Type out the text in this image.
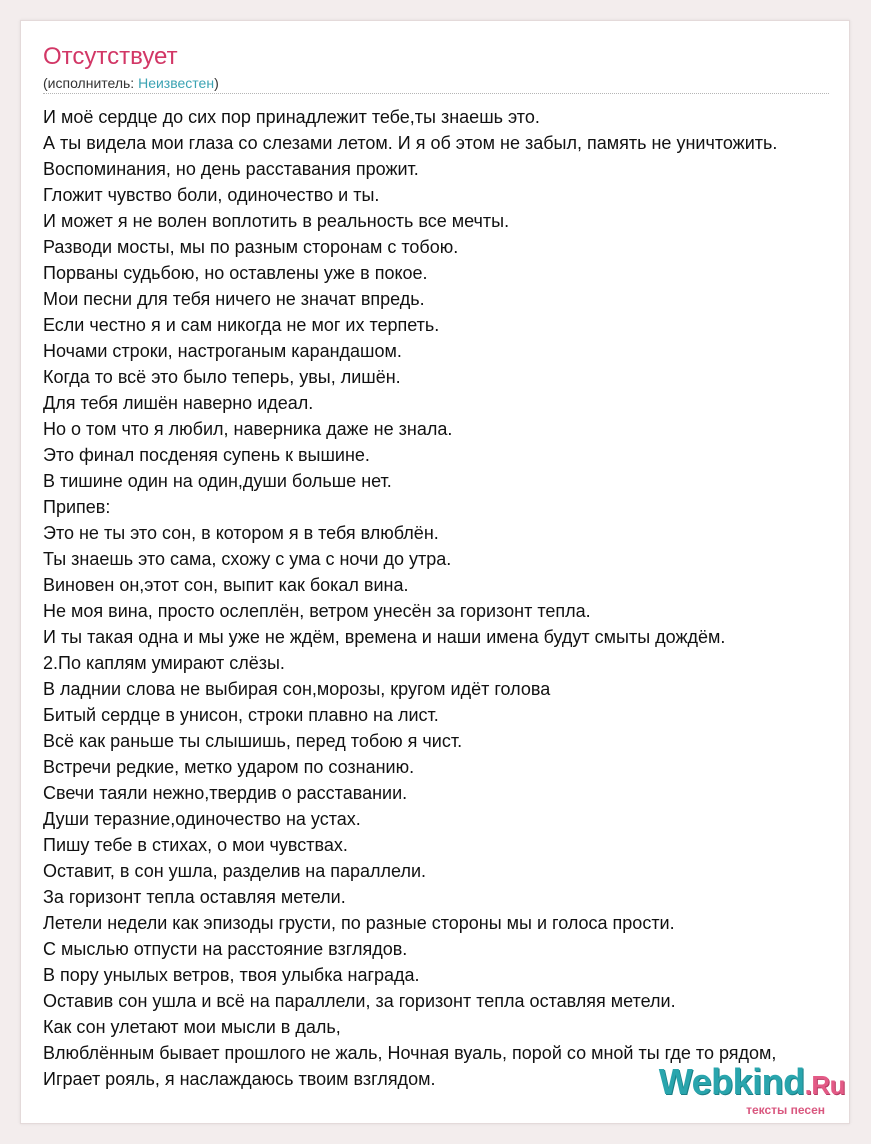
Отсутствует
(исполнитель: Неизвестен)
И моё сердце до сих пор принадлежит тебе,ты знаешь это.
А ты видела мои глаза со слезами летом. И я об этом не забыл, память не уничтожить.
Воспоминания, но день расставания прожит.
Гложит чувство боли, одиночество и ты.
И может я не волен воплотить в реальность все мечты.
Разводи мосты, мы по разным сторонам с тобою.
Порваны судьбою, но оставлены уже в покое.
Мои песни для тебя ничего не значат впредь.
Если честно я и сам никогда не мог их терпеть.
Ночами строки, настроганым карандашом.
Когда то всё это было теперь, увы, лишён.
Для тебя лишён наверно идеал.
Но о том что я любил, наверника даже не знала.
Это финал посденяя супень к вышине.
В тишине один на один,души больше нет.
Припев:
Это не ты это сон, в котором я в тебя влюблён.
Ты знаешь это сама, схожу с ума с ночи до утра.
Виновен он,этот сон, выпит как бокал вина.
Не моя вина, просто ослеплён, ветром унесён за горизонт тепла.
И ты такая одна и мы уже не ждём, времена и наши имена будут смыты дождём.
2.По каплям умирают слёзы.
В ладнии слова не выбирая сон,морозы, кругом идёт голова
Битый сердце в унисон, строки плавно на лист.
Всё как раньше ты слышишь, перед тобою я чист.
Встречи редкие, метко ударом по сознанию.
Свечи таяли нежно,твердив о расставании.
Души теразние,одиночество на устах.
Пишу тебе в стихах, о мои чувствах.
Оставит, в сон ушла, разделив на параллели.
За горизонт тепла оставляя метели.
Летели недели как эпизоды грусти, по разные стороны мы и голоса прости.
С мыслью отпусти на расстояние взглядов.
В пору унылых ветров, твоя улыбка награда.
Оставив сон ушла и всё на параллели, за горизонт тепла оставляя метели.
Как сон улетают мои мысли в даль,
Влюблённым бывает прошлого не жаль, Ночная вуаль, порой со мной ты где то рядом,
Играет рояль, я наслаждаюсь твоим взглядом.	Webkind.Ru
тексты песен
